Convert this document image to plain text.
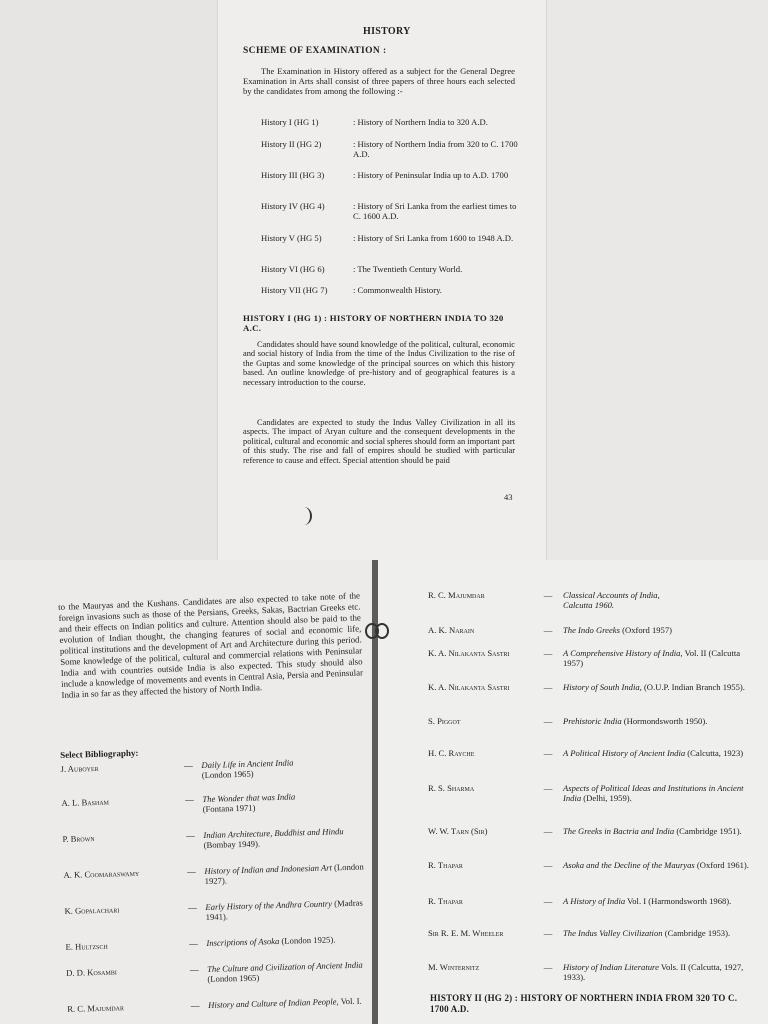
HISTORY
SCHEME OF EXAMINATION :
The Examination in History offered as a subject for the General Degree Examination in Arts shall consist of three papers of three hours each selected by the candidates from among the following :-
History I (HG 1)	: History of Northern India to 320 A.D.
History II (HG 2)	: History of Northern India from 320 to C. 1700 A.D.
History III (HG 3)	: History of Peninsular India up to A.D. 1700
History IV (HG 4)	: History of Sri Lanka from the earliest times to C. 1600 A.D.
History V (HG 5)	: History of Sri Lanka from 1600 to 1948 A.D.
History VI (HG 6)	: The Twentieth Century World.
History VII (HG 7)	: Commonwealth History.
HISTORY I (HG 1) : HISTORY OF NORTHERN INDIA TO 320 A.C.
Candidates should have sound knowledge of the political, cultural, economic and social history of India from the time of the Indus Civilization to the rise of the Guptas and some knowledge of the principal sources on which this history based. An outline knowledge of pre-history and of geographical features is a necessary introduction to the course.
Candidates are expected to study the Indus Valley Civilization in all its aspects. The impact of Aryan culture and the consequent developments in the political, cultural and economic and social spheres should form an important part of this study. The rise and fall of empires should be studied with particular reference to cause and effect. Special attention should be paid
43
to the Mauryas and the Kushans. Candidates are also expected to take note of the foreign invasions such as those of the Persians, Greeks, Sakas, Bactrian Greeks etc. and their effects on Indian politics and culture. Attention should also be paid to the evolution of Indian thought, the changing features of social and economic life, political institutions and the development of Art and Architecture during this period. Some knowledge of the political, cultural and commercial relations with Peninsular India and with countries outside India is also expected. This study should also include a knowledge of movements and events in Central Asia, Persia and Peninsular India in so far as they affected the history of North India.
Select Bibliography:
J. Auboyer	— Daily Life in Ancient India
(London 1965)
A. L. Basham	— The Wonder that was India
(Fontana 1971)
P. Brown	— Indian Architecture, Buddhist and Hindu (Bombay 1949).
A. K. Coomaraswamy	— History of Indian and Indonesian Art (London 1927).
K. Gopalachari	— Early History of the Andhra Country (Madras 1941).
E. Hultzsch	— Inscriptions of Asoka (London 1925).
D. D. Kosambi	— The Culture and Civilization of Ancient India (London 1965)
R. C. Majumdar	— History and Culture of Indian People, Vol. I.
R. C. Majumdar	—	Classical Accounts of India,
Calcutta 1960.
A. K. Narain	—	The Indo Greeks (Oxford 1957)
K. A. Nilakanta Sastri	—	A Comprehensive History of India, Vol. II (Calcutta 1957)
K. A. Nilakanta Sastri	—	History of South India, (O.U.P. Indian Branch 1955).
S. Piggot	—	Prehistoric India (Hormondsworth 1950).
H. C. Rayche	—	A Political History of Ancient India (Calcutta, 1923)
R. S. Sharma	—	Aspects of Political Ideas and Institutions in Ancient India (Delhi, 1959).
W. W. Tarn (Sir)	—	The Greeks in Bactria and India (Cambridge 1951).
R. Thapar	—	Asoka and the Decline of the Mauryas (Oxford 1961).
R. Thapar	—	A History of India Vol. I (Harmondsworth 1968).
Sir R. E. M. Wheeler	—	The Indus Valley Civilization (Cambridge 1953).
M. Winternitz	—	History of Indian Literature Vols. II (Calcutta, 1927, 1933).
HISTORY II (HG 2) : HISTORY OF NORTHERN INDIA FROM 320 TO C. 1700 A.D.
